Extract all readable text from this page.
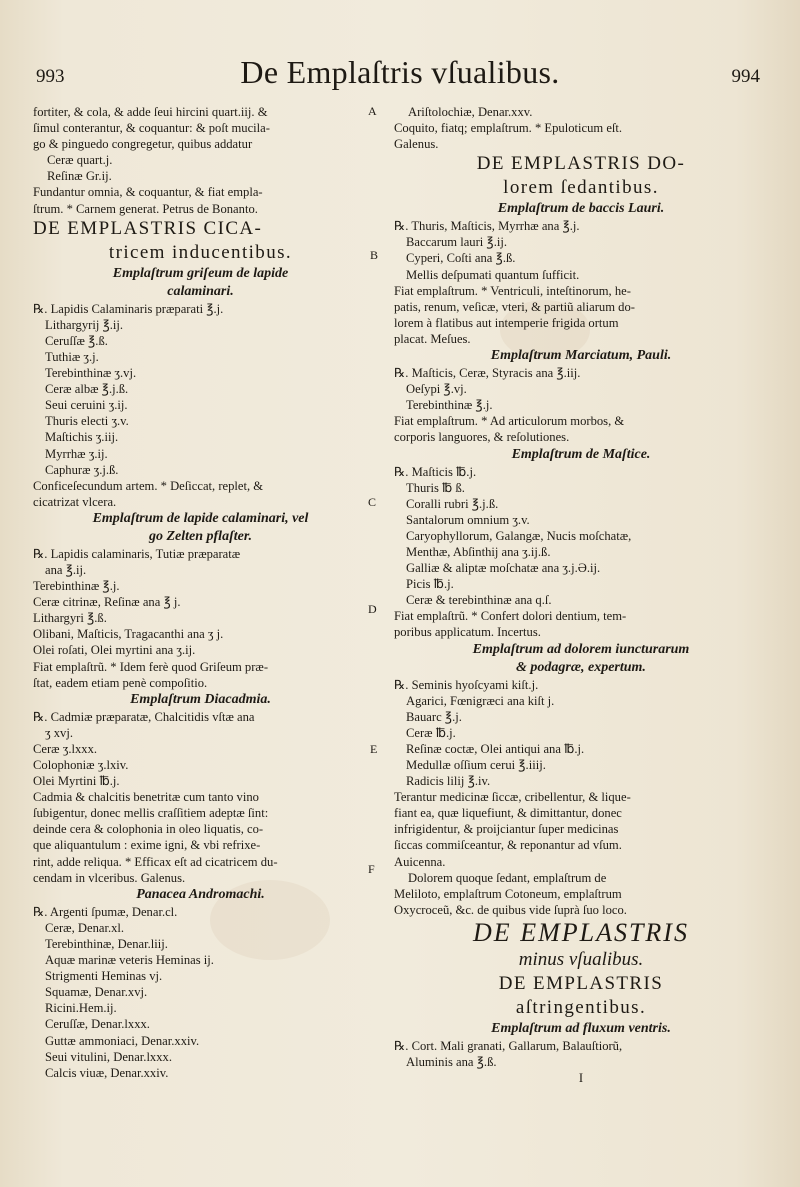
993	De Emplaſtris vſualibus.	994
A
B
C
D
E
F
fortiter, & cola, & adde ſeui hircini quart.iij. &
ſimul conterantur, & coquantur: & poſt mucila-
go & pinguedo congregetur, quibus addatur
Ceræ quart.j.
Reſinæ Gr.ij.
Fundantur omnia, & coquantur, & fiat empla-
ſtrum. * Carnem generat. Petrus de Bonanto.
DE EMPLASTRIS CICA-
tricem inducentibus.
Emplaſtrum griſeum de lapide
calaminari.
℞. Lapidis Calaminaris præparati ℥.j.
Lithargyrij ℥.ij.
Ceruſſæ ℥.ß.
Tuthiæ ʒ.j.
Terebinthinæ ʒ.vj.
Ceræ albæ ℥.j.ß.
Seui ceruini ʒ.ij.
Thuris electi ʒ.v.
Maſtichis ʒ.iij.
Myrrhæ ʒ.ij.
Caphuræ ʒ.j.ß.
Conficeſecundum artem. * Deſiccat, replet, &
cicatrizat vlcera.
Emplaſtrum de lapide calaminari, vel
go Zelten pflaſter.
℞. Lapidis calaminaris, Tutiæ præparatæ
ana ℥.ij.
Terebinthinæ ℥.j.
Ceræ citrinæ, Reſinæ ana ℥ j.
Lithargyri ℥.ß.
Olibani, Maſticis, Tragacanthi ana ʒ j.
Olei roſati, Olei myrtini ana ʒ.ij.
Fiat emplaſtrũ. * Idem ferè quod Griſeum præ-
ſtat, eadem etiam penè compoſitio.
Emplaſtrum Diacadmia.
℞. Cadmiæ præparatæ, Chalcitidis vſtæ ana
ʒ xvj.
Ceræ ʒ.lxxx.
Colophoniæ ʒ.lxiv.
Olei Myrtini ℔.j.
Cadmia & chalcitis benetritæ cum tanto vino
ſubigentur, donec mellis craſſitiem adeptæ ſint:
deinde cera & colophonia in oleo liquatis, co-
que aliquantulum : exime igni, & vbi refrixe-
rint, adde reliqua. * Efficax eſt ad cicatricem du-
cendam in vlceribus. Galenus.
Panacea Andromachi.
℞. Argenti ſpumæ, Denar.cl.
Ceræ, Denar.xl.
Terebinthinæ, Denar.liij.
Aquæ marinæ veteris Heminas ij.
Strigmenti Heminas vj.
Squamæ, Denar.xvj.
Ricini.Hem.ij.
Ceruſſæ, Denar.lxxx.
Guttæ ammoniaci, Denar.xxiv.
Seui vitulini, Denar.lxxx.
Calcis viuæ, Denar.xxiv.
Ariſtolochiæ, Denar.xxv.
Coquito, fiatq; emplaſtrum. * Epuloticum eſt.
Galenus.
DE EMPLASTRIS DO-
lorem ſedantibus.
Emplaſtrum de baccis Lauri.
℞. Thuris, Maſticis, Myrrhæ ana ℥.j.
Baccarum lauri ℥.ij.
Cyperi, Coſti ana ℥.ß.
Mellis deſpumati quantum ſufficit.
Fiat emplaſtrum. * Ventriculi, inteſtinorum, he-
patis, renum, veſicæ, vteri, & partiũ aliarum do-
lorem à flatibus aut intemperie frigida ortum
placat. Meſues.
Emplaſtrum Marciatum, Pauli.
℞. Maſticis, Ceræ, Styracis ana ℥.iij.
Oeſypi ℥.vj.
Terebinthinæ ℥.j.
Fiat emplaſtrum. * Ad articulorum morbos, &
corporis languores, & reſolutiones.
Emplaſtrum de Maſtice.
℞. Maſticis ℔.j.
Thuris ℔ ß.
Coralli rubri ℥.j.ß.
Santalorum omnium ʒ.v.
Caryophyllorum, Galangæ, Nucis moſchatæ,
Menthæ, Abſinthij ana ʒ.ij.ß.
Galliæ & aliptæ moſchatæ ana ʒ.j.Ə.ij.
Picis ℔.j.
Ceræ & terebinthinæ ana q.ſ.
Fiat emplaſtrũ. * Confert dolori dentium, tem-
poribus applicatum. Incertus.
Emplaſtrum ad dolorem iuncturarum
& podagræ, expertum.
℞. Seminis hyoſcyami kiſt.j.
Agarici, Fœnigræci ana kiſt j.
Bauarc ℥.j.
Ceræ ℔.j.
Reſinæ coctæ, Olei antiqui ana ℔.j.
Medullæ oſſium cerui ℥.iiij.
Radicis lilij ℥.iv.
Terantur medicinæ ſiccæ, cribellentur, & lique-
fiant ea, quæ liquefiunt, & dimittantur, donec
infrigidentur, & proijciantur ſuper medicinas
ſiccas commiſceantur, & reponantur ad vſum.
Auicenna.
Dolorem quoque ſedant, emplaſtrum de
Meliloto, emplaſtrum Cotoneum, emplaſtrum
Oxycroceũ, &c. de quibus vide ſuprà ſuo loco.
DE EMPLASTRIS
minus vſualibus.
DE EMPLASTRIS
aſtringentibus.
Emplaſtrum ad fluxum ventris.
℞. Cort. Mali granati, Gallarum, Balauſtiorũ,
Aluminis ana ℥.ß.
I
